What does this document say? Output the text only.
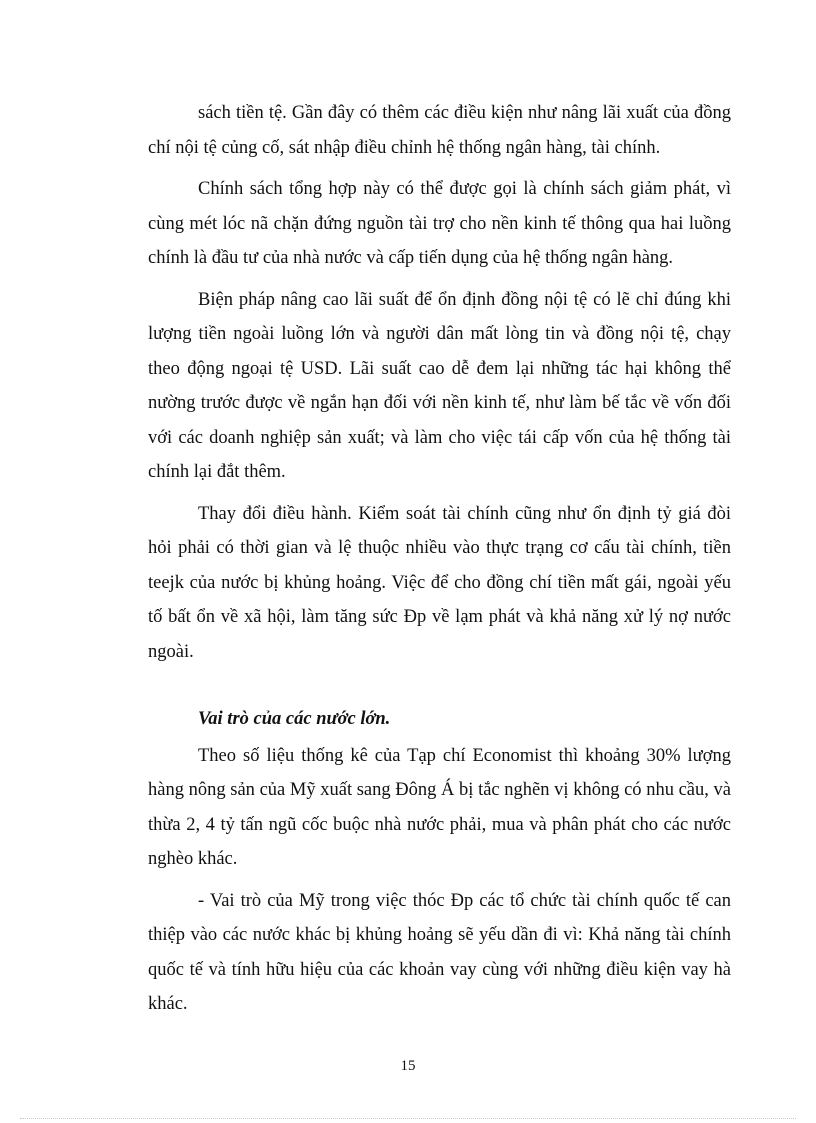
sách tiền tệ. Gần đây có thêm các điều kiện như nâng lãi xuất của đồng chí nội tệ củng cố, sát nhập điều chỉnh hệ thống ngân hàng, tài chính.

Chính sách tổng hợp này có thể được gọi là chính sách giảm phát, vì cùng mét lóc nã chặn đứng nguồn tài trợ cho nền kinh tế thông qua hai luồng chính là đầu tư của nhà nước và cấp tiến dụng của hệ thống ngân hàng.

Biện pháp nâng cao lãi suất để ổn định đồng nội tệ có lẽ chỉ đúng khi lượng tiền ngoài luồng lớn và người dân mất lòng tin và đồng nội tệ, chạy theo động ngoại tệ USD. Lãi suất cao dễ đem lại những tác hại không thể nường trước được về ngắn hạn đối với nền kinh tế, như làm bế tắc về vốn đối với các doanh nghiệp sản xuất; và làm cho việc tái cấp vốn của hệ thống tài chính lại đắt thêm.

Thay đổi điều hành. Kiểm soát tài chính cũng như ổn định tỷ giá đòi hỏi phải có thời gian và lệ thuộc nhiều vào thực trạng cơ cấu tài chính, tiền teejk của nước bị khủng hoảng. Việc để cho đồng chí tiền mất gái, ngoài yếu tố bất ổn về xã hội, làm tăng sức Đp về lạm phát và khả năng xử lý nợ nước ngoài.

Vai trò của các nước lớn.

Theo số liệu thống kê của Tạp chí Economist thì khoảng 30% lượng hàng nông sản của Mỹ xuất sang Đông Á bị tắc nghẽn vị không có nhu cầu, và thừa 2, 4 tỷ tấn ngũ cốc buộc nhà nước phải, mua và phân phát cho các nước nghèo khác.

- Vai trò của Mỹ trong việc thóc Đp các tổ chức tài chính quốc tế can thiệp vào các nước khác bị khủng hoảng sẽ yếu dần đi vì: Khả năng tài chính quốc tế và tính hữu hiệu của các khoản vay cùng với những điều kiện vay hà khác.

15
